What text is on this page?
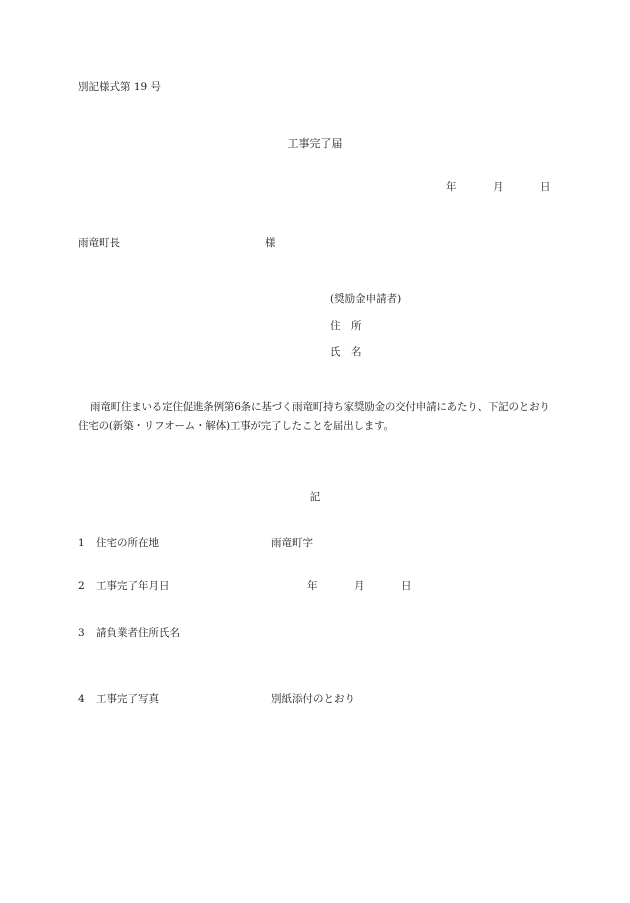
別記様式第 19 号
工事完了届
年	月	日
雨竜町長	様
(奨励金申請者)
住　所
氏　名
雨竜町住まいる定住促進条例第6条に基づく雨竜町持ち家奨励金の交付申請にあたり、下記のとおり住宅の(新築・リフオーム・解体)工事が完了したことを届出します。
記
1 住宅の所在地	雨竜町字
2 工事完了年月日	年	月	日
3 請負業者住所氏名
4 工事完了写真	別紙添付のとおり
